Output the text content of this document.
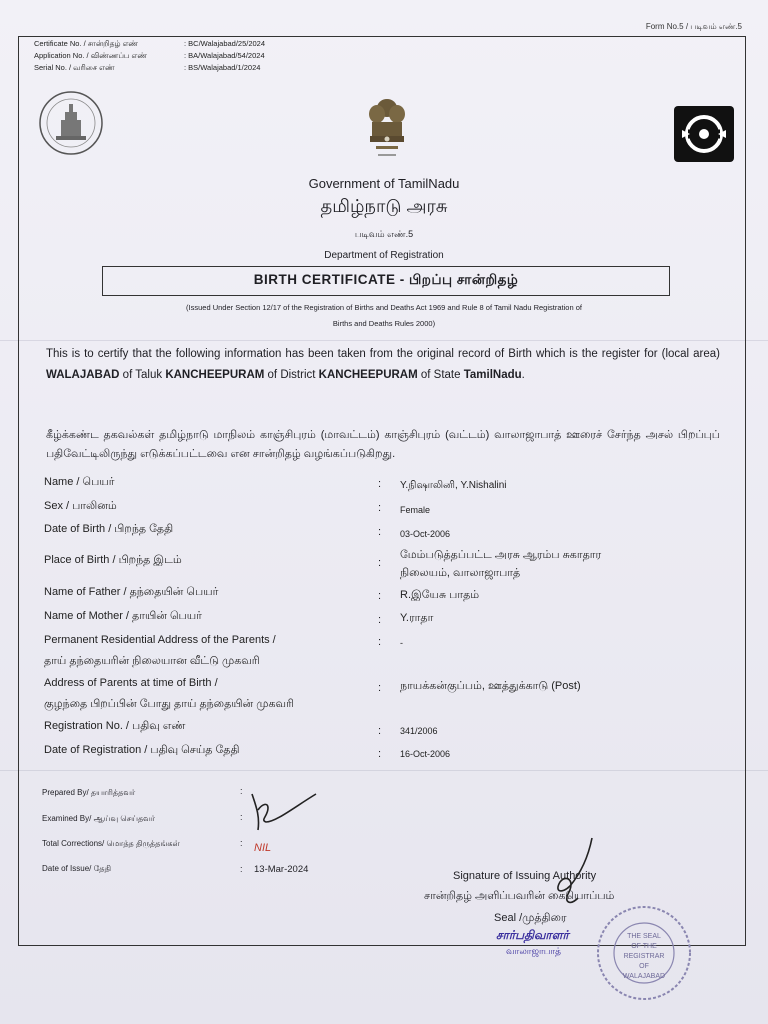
Form No.5 / படிவம் எண்.5
Certificate No. / சான்றிதழ் எண்	: BC/Walajabad/25/2024
Application No. / விண்ணப்ப எண்	: BA/Walajabad/54/2024
Serial No. / வரிசை எண்	: BS/Walajabad/1/2024
Government of TamilNadu
தமிழ்நாடு அரசு
படிவம் எண்.5
Department of Registration
BIRTH CERTIFICATE - பிறப்பு சான்றிதழ்
(Issued Under Section 12/17 of the Registration of Births and Deaths Act 1969 and Rule 8 of Tamil Nadu Registration of
Births and Deaths Rules 2000)
This is to certify that the following information has been taken from the original record of Birth which is the register for (local area) WALAJABAD of Taluk KANCHEEPURAM of District KANCHEEPURAM of State TamilNadu.
கீழ்க்கண்ட தகவல்கள் தமிழ்நாடு மாநிலம் காஞ்சிபுரம் (மாவட்டம்) காஞ்சிபுரம் (வட்டம்) வாலாஜாபாத் ஊரைச் சேர்ந்த அசல் பிறப்புப் பதிவேட்டிலிருந்து எடுக்கப்பட்டவை என சான்றிதழ் வழங்கப்படுகிறது.
Name / பெயர்	: Y.நிஷாலினி, Y.Nishalini
Sex / பாலினம்	: Female
Date of Birth / பிறந்த தேதி	: 03-Oct-2006
Place of Birth / பிறந்த இடம்	:
மேம்படுத்தப்பட்ட அரசு ஆரம்ப சுகாதார
நிலையம், வாலாஜாபாத்
Name of Father / தந்தையின் பெயர்	: R.இயேசு பாதம்
Name of Mother / தாயின் பெயர்	: Y.ராதா
Permanent Residential Address of the Parents /
தாய் தந்தையரின் நிலையான வீட்டு முகவரி
: -
Address of Parents at time of Birth /
குழந்தை பிறப்பின் போது தாய் தந்தையின் முகவரி
: நாயக்கன்குப்பம், ஊத்துக்காடு (Post)
Registration No. / பதிவு எண்	: 341/2006
Date of Registration / பதிவு செய்த தேதி	: 16-Oct-2006
Prepared By/ தயாரித்தவர்	:
Examined By/ ஆய்வு செய்தவர்	:
Total Corrections/ மொத்த திருத்தங்கள்	: NIL
Date of Issue/ தேதி	: 13-Mar-2024
Signature of Issuing Authority
சான்றிதழ் அளிப்பவரின் கையொப்பம்
Seal /முத்திரை
சார்பதிவாளர்
வாலாஜாபாத்
THE SEAL
OF THE
REGISTRAR
OF
WALAJABAD
